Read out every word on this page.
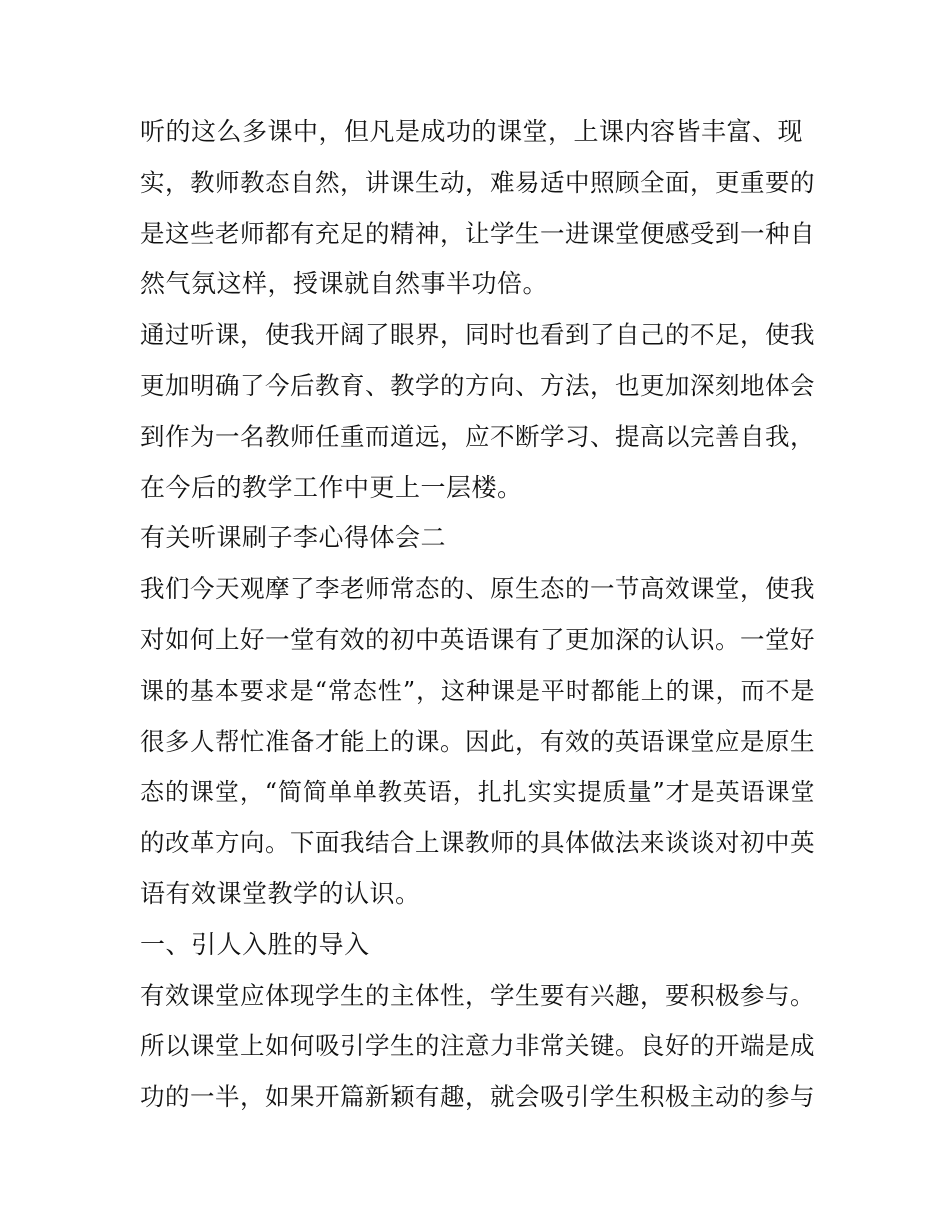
听的这么多课中，但凡是成功的课堂，上课内容皆丰富、现
实，教师教态自然，讲课生动，难易适中照顾全面，更重要的
是这些老师都有充足的精神，让学生一进课堂便感受到一种自
然气氛这样，授课就自然事半功倍。
通过听课，使我开阔了眼界，同时也看到了自己的不足，使我
更加明确了今后教育、教学的方向、方法，也更加深刻地体会
到作为一名教师任重而道远，应不断学习、提高以完善自我，
在今后的教学工作中更上一层楼。
有关听课刷子李心得体会二
我们今天观摩了李老师常态的、原生态的一节高效课堂，使我
对如何上好一堂有效的初中英语课有了更加深的认识。一堂好
课的基本要求是“常态性”，这种课是平时都能上的课，而不是
很多人帮忙准备才能上的课。因此，有效的英语课堂应是原生
态的课堂，“简简单单教英语，扎扎实实提质量”才是英语课堂
的改革方向。下面我结合上课教师的具体做法来谈谈对初中英
语有效课堂教学的认识。
一、引人入胜的导入
有效课堂应体现学生的主体性，学生要有兴趣，要积极参与。
所以课堂上如何吸引学生的注意力非常关键。良好的开端是成
功的一半，如果开篇新颖有趣，就会吸引学生积极主动的参与
